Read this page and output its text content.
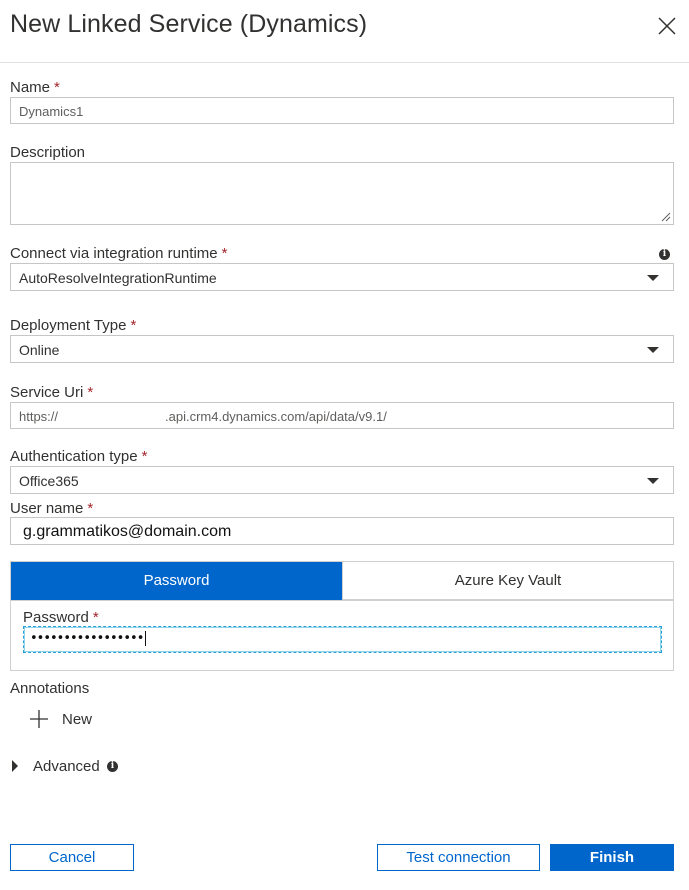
New Linked Service (Dynamics)
Name *
Dynamics1
Description
Connect via integration runtime *	i
AutoResolveIntegrationRuntime
Deployment Type *
Online
Service Uri *
https://	.api.crm4.dynamics.com/api/data/v9.1/
Authentication type *
Office365
User name *
g.grammatikos@domain.com
Password	Azure Key Vault
Password *
•••••••••••••••••
Annotations
New
Advanced	i
Cancel	Test connection	Finish
